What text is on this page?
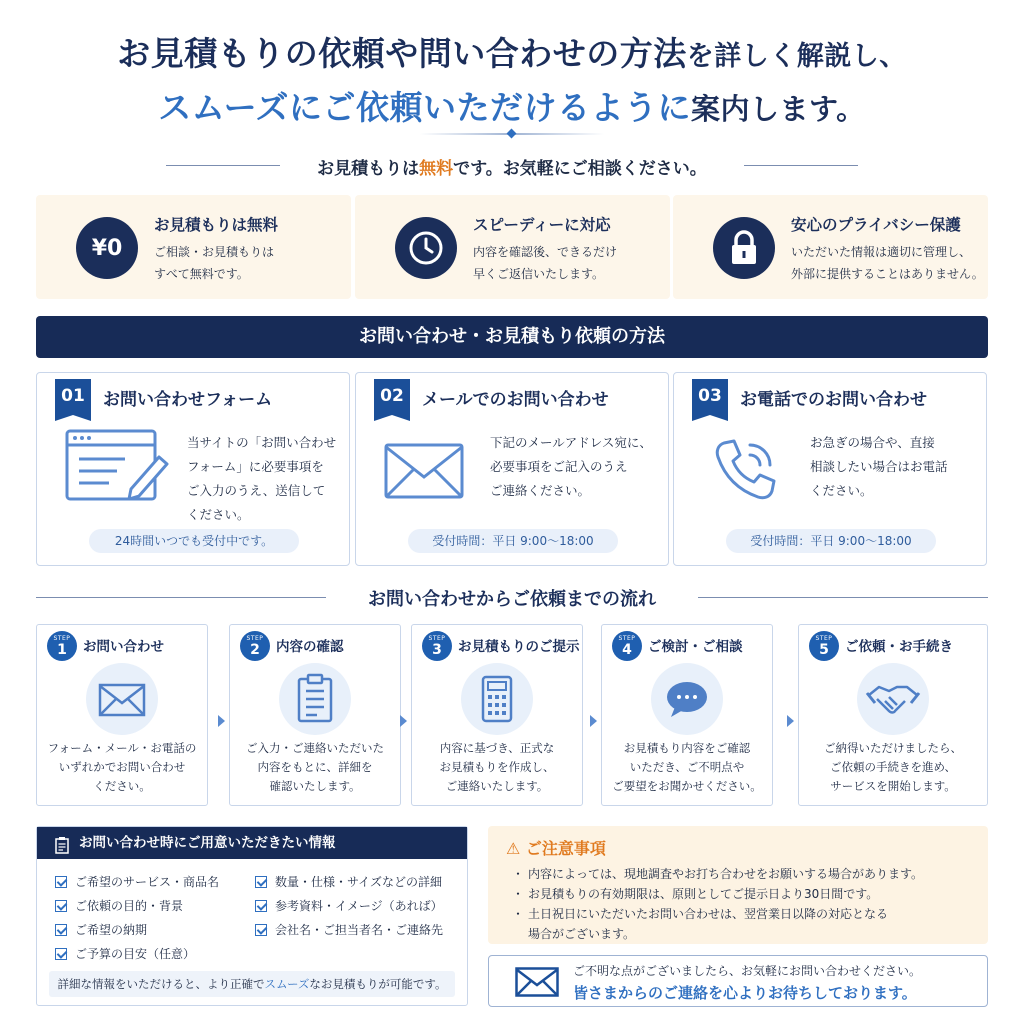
お見積もりの依頼や問い合わせの方法を詳しく解説し、
スムーズにご依頼いただけるように案内します。
お見積もりは無料です。お気軽にご相談ください。
¥0
お見積もりは無料
ご相談・お見積もりは
すべて無料です。
スピーディーに対応
内容を確認後、できるだけ
早くご返信いたします。
安心のプライバシー保護
いただいた情報は適切に管理し、
外部に提供することはありません。
お問い合わせ・お見積もり依頼の方法
01	お問い合わせフォーム
当サイトの「お問い合わせ
フォーム」に必要事項を
ご入力のうえ、送信して
ください。
24時間いつでも受付中です。
02	メールでのお問い合わせ
下記のメールアドレス宛に、
必要事項をご記入のうえ
ご連絡ください。
受付時間：平日 9:00〜18:00
03	お電話でのお問い合わせ
お急ぎの場合や、直接
相談したい場合はお電話
ください。
受付時間：平日 9:00〜18:00
お問い合わせからご依頼までの流れ
STEP
1	お問い合わせ
フォーム・メール・お電話の
いずれかでお問い合わせ
ください。
STEP
2	内容の確認
ご入力・ご連絡いただいた
内容をもとに、詳細を
確認いたします。
STEP
3	お見積もりのご提示
内容に基づき、正式な
お見積もりを作成し、
ご連絡いたします。
STEP
4	ご検討・ご相談
お見積もり内容をご確認
いただき、ご不明点や
ご要望をお聞かせください。
STEP
5	ご依頼・お手続き
ご納得いただけましたら、
ご依頼の手続きを進め、
サービスを開始します。
お問い合わせ時にご用意いただきたい情報
ご希望のサービス・商品名
ご依頼の目的・背景
ご希望の納期
ご予算の目安（任意）
数量・仕様・サイズなどの詳細
参考資料・イメージ（あれば）
会社名・ご担当者名・ご連絡先
詳細な情報をいただけると、より正確でスムーズなお見積もりが可能です。
⚠ ご注意事項
・ 内容によっては、現地調査やお打ち合わせをお願いする場合があります。
・ お見積もりの有効期限は、原則としてご提示日より30日間です。
・ 土日祝日にいただいたお問い合わせは、翌営業日以降の対応となる
場合がございます。
ご不明な点がございましたら、お気軽にお問い合わせください。
皆さまからのご連絡を心よりお待ちしております。
